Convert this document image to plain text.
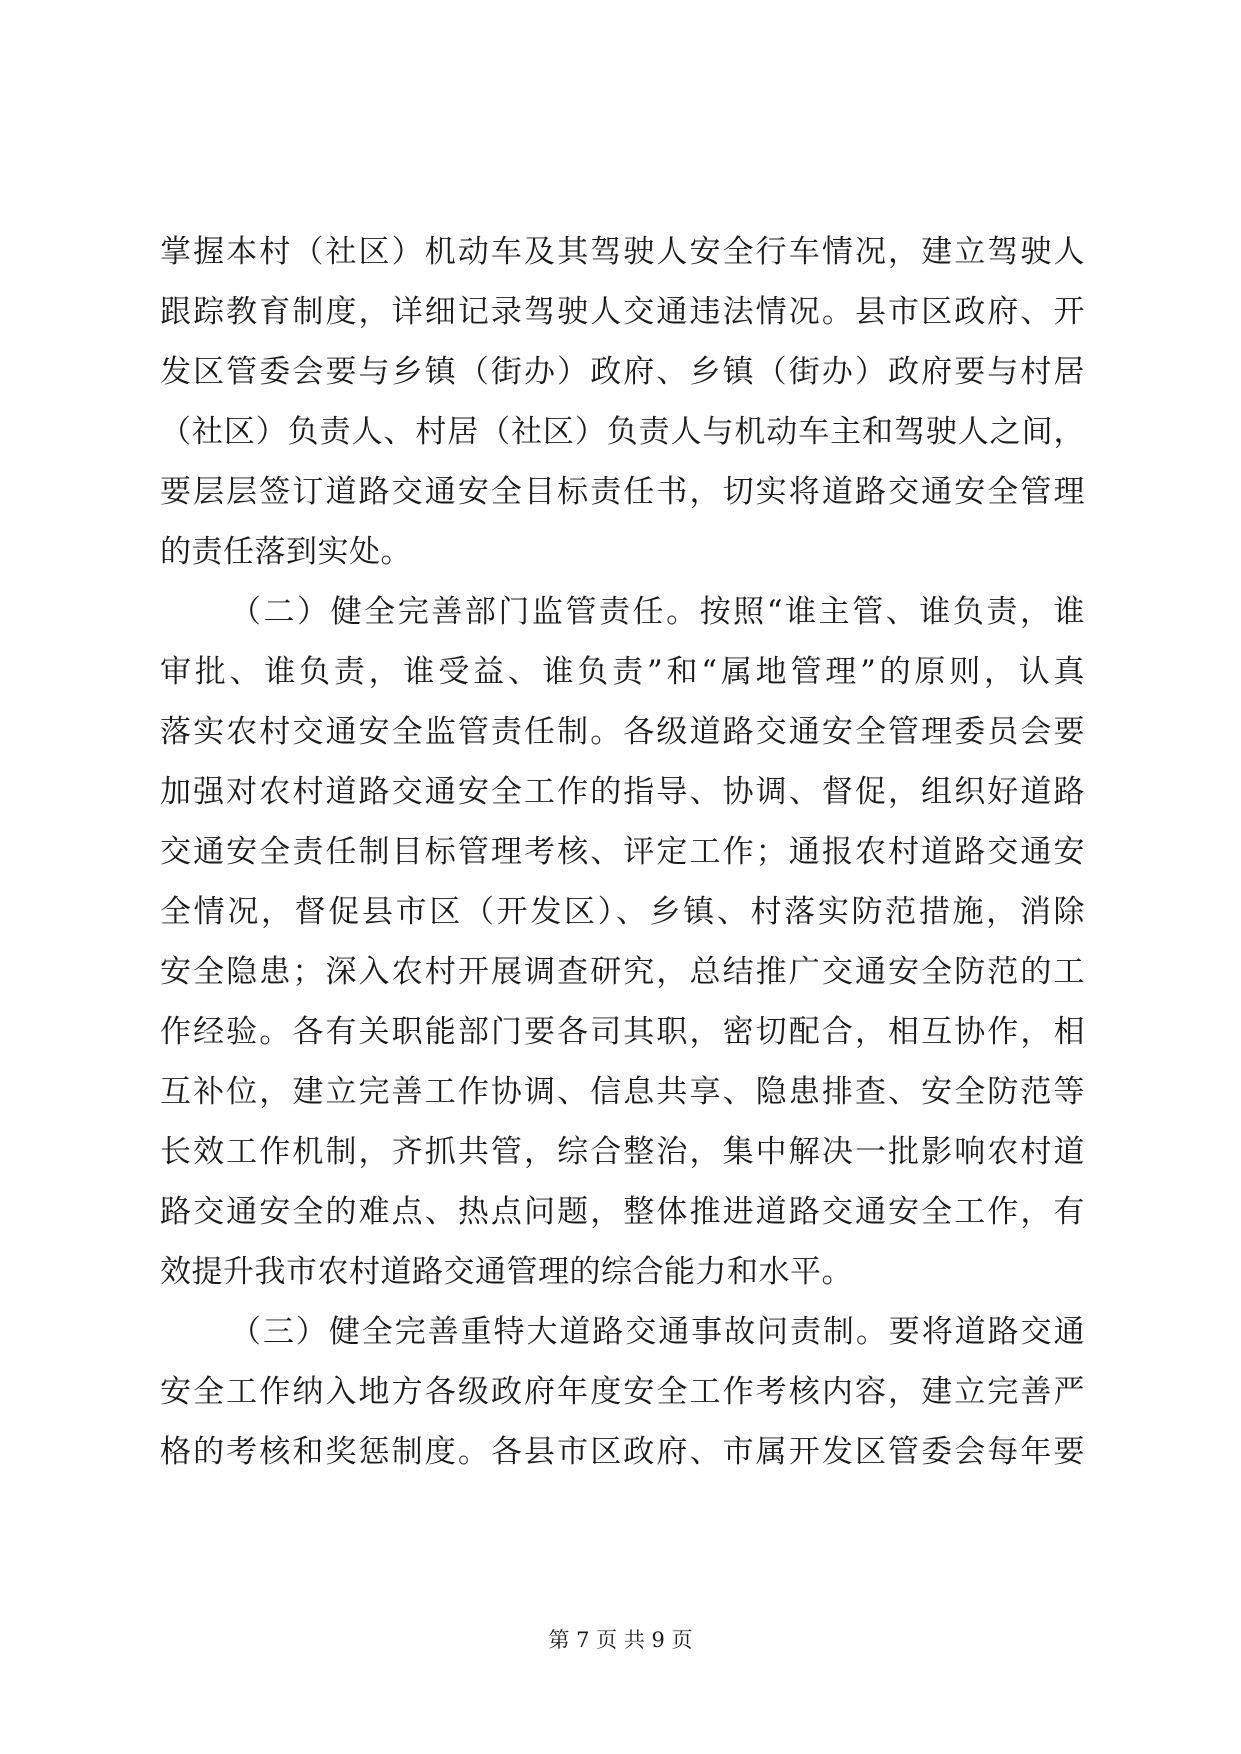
掌握本村（社区）机动车及其驾驶人安全行车情况，建立驾驶人
跟踪教育制度，详细记录驾驶人交通违法情况。县市区政府、开
发区管委会要与乡镇（街办）政府、乡镇（街办）政府要与村居
（社区）负责人、村居（社区）负责人与机动车主和驾驶人之间，
要层层签订道路交通安全目标责任书，切实将道路交通安全管理
的责任落到实处。
（二）健全完善部门监管责任。按照“谁主管、谁负责，谁
审批、谁负责，谁受益、谁负责”和“属地管理”的原则，认真
落实农村交通安全监管责任制。各级道路交通安全管理委员会要
加强对农村道路交通安全工作的指导、协调、督促，组织好道路
交通安全责任制目标管理考核、评定工作；通报农村道路交通安
全情况，督促县市区（开发区）、乡镇、村落实防范措施，消除
安全隐患；深入农村开展调查研究，总结推广交通安全防范的工
作经验。各有关职能部门要各司其职，密切配合，相互协作，相
互补位，建立完善工作协调、信息共享、隐患排查、安全防范等
长效工作机制，齐抓共管，综合整治，集中解决一批影响农村道
路交通安全的难点、热点问题，整体推进道路交通安全工作，有
效提升我市农村道路交通管理的综合能力和水平。
（三）健全完善重特大道路交通事故问责制。要将道路交通
安全工作纳入地方各级政府年度安全工作考核内容，建立完善严
格的考核和奖惩制度。各县市区政府、市属开发区管委会每年要
第 7 页 共 9 页
